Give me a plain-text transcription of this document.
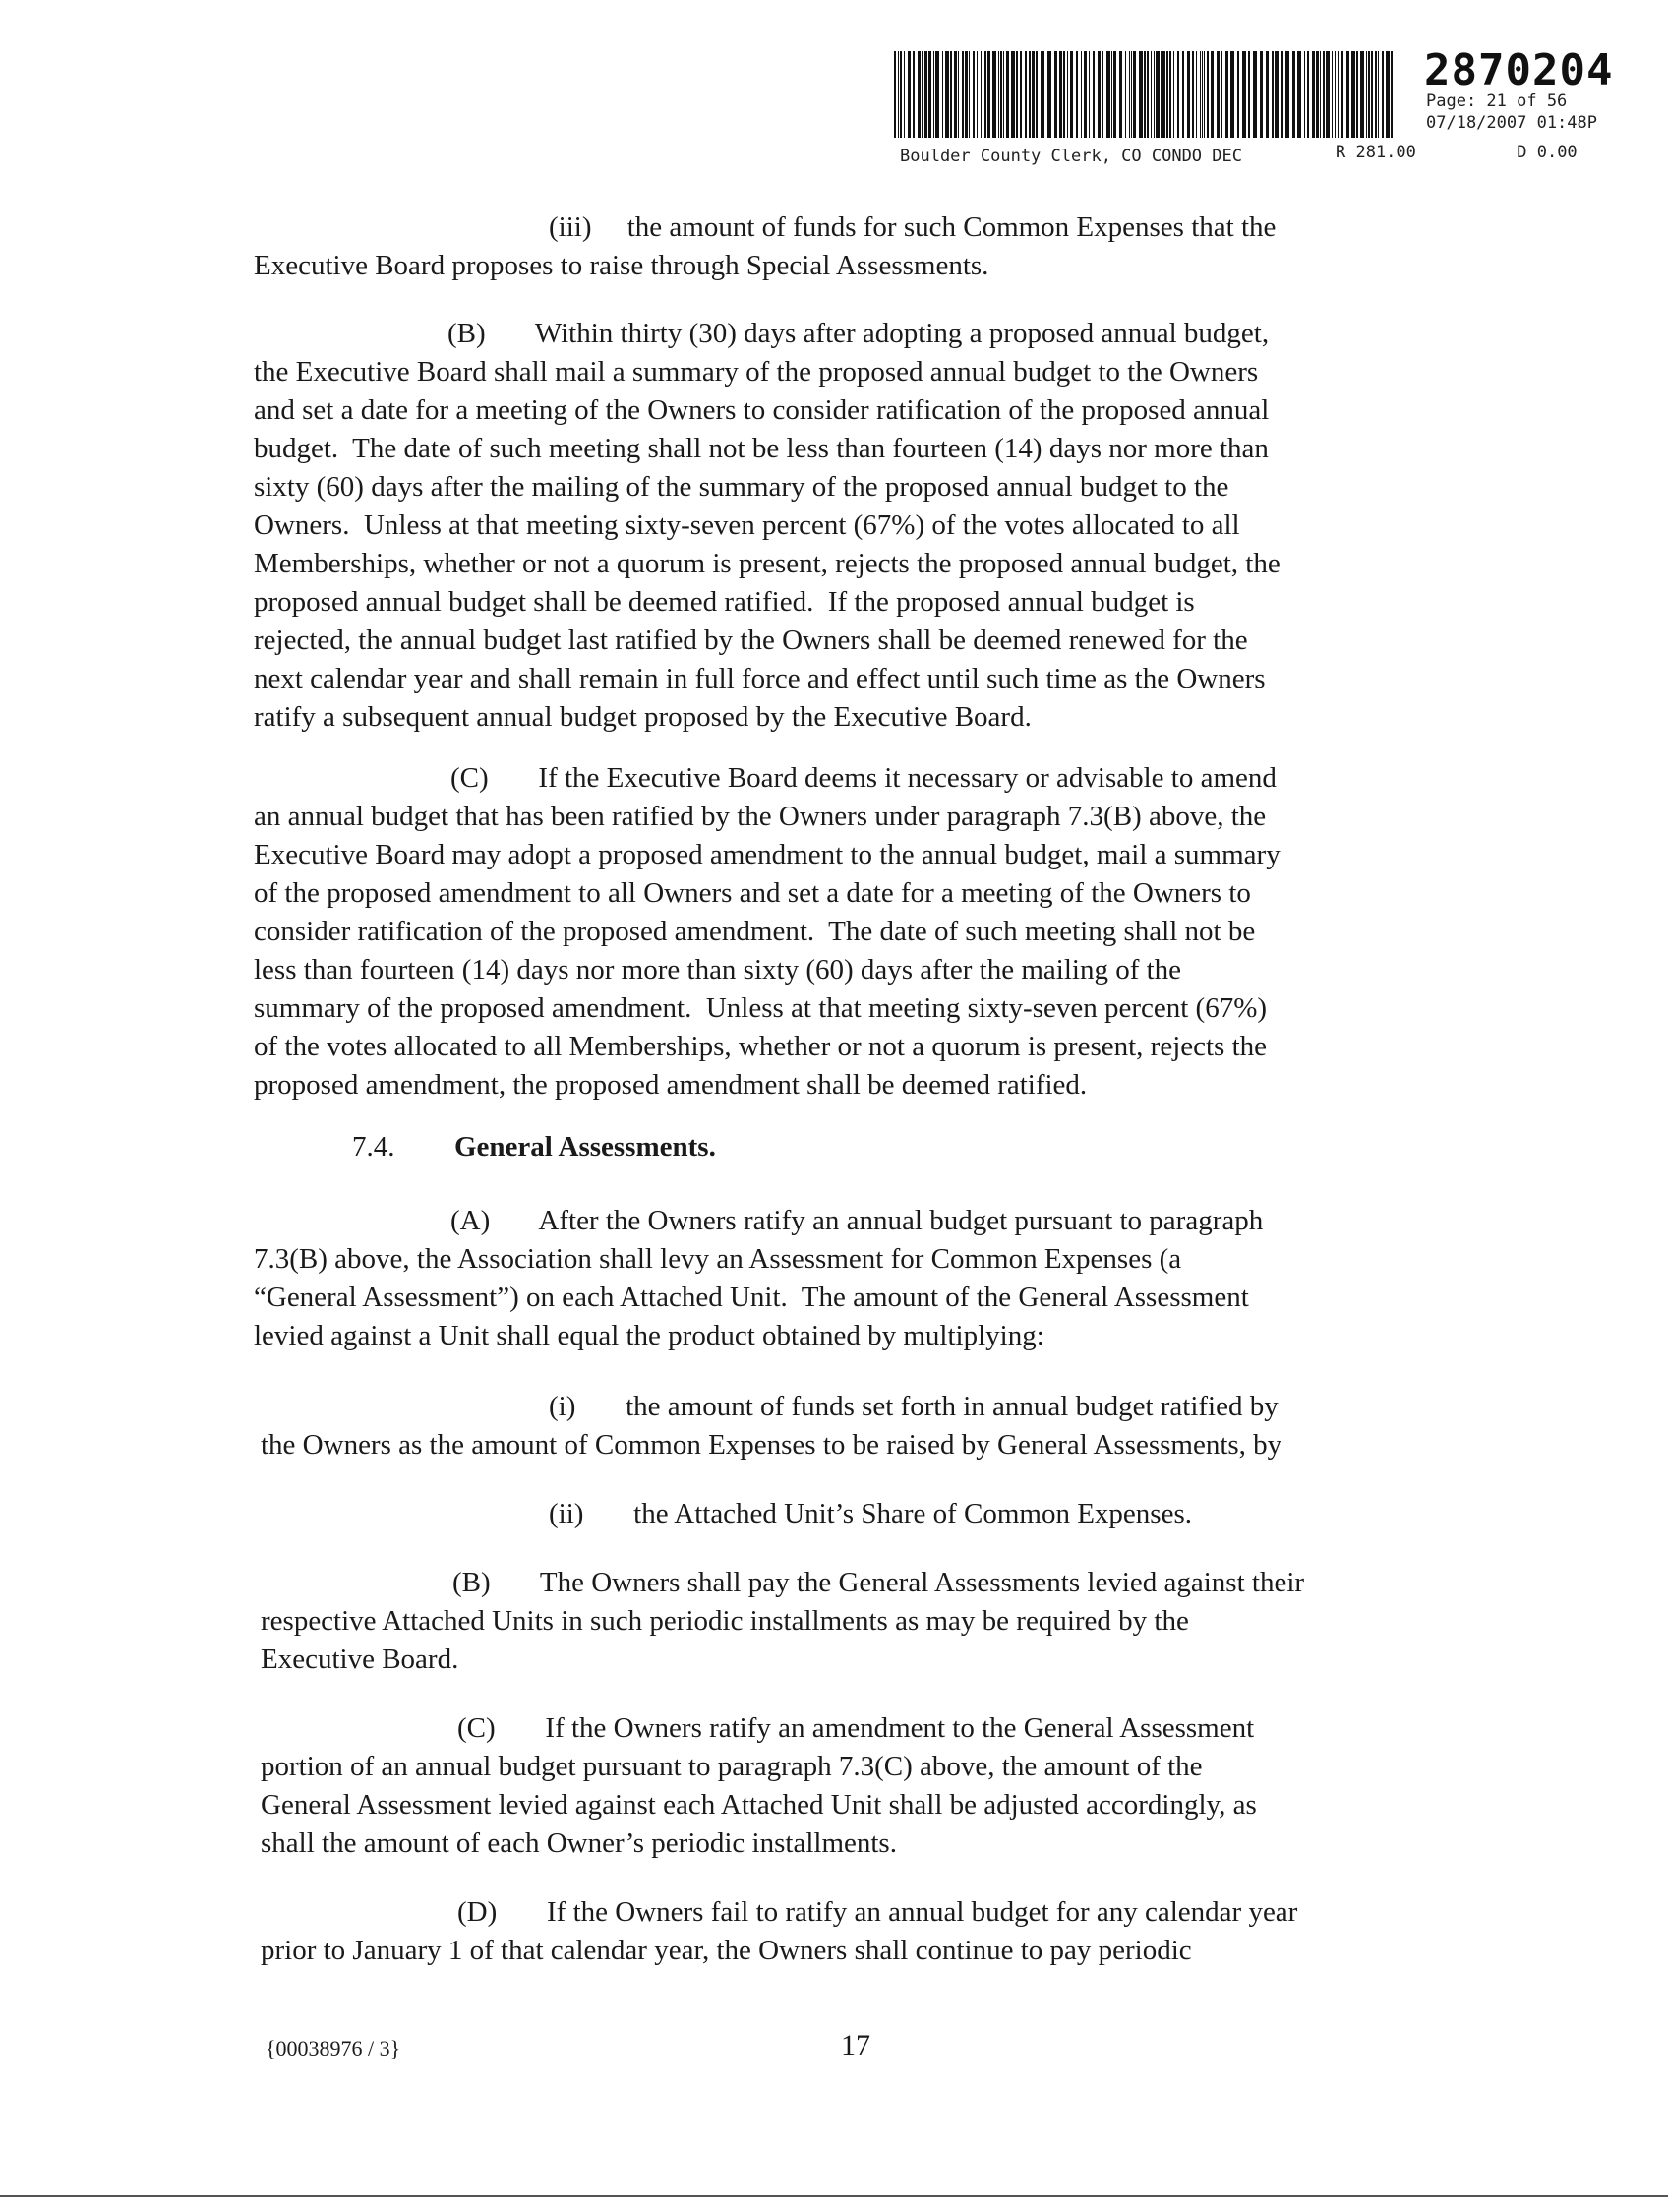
2870204
Page: 21 of 56
07/18/2007 01:48P
Boulder County Clerk, CO CONDO DEC	R 281.00	D 0.00
(iii)     the amount of funds for such Common Expenses that the
Executive Board proposes to raise through Special Assessments.
(B)       Within thirty (30) days after adopting a proposed annual budget,
the Executive Board shall mail a summary of the proposed annual budget to the Owners
and set a date for a meeting of the Owners to consider ratification of the proposed annual
budget.  The date of such meeting shall not be less than fourteen (14) days nor more than
sixty (60) days after the mailing of the summary of the proposed annual budget to the
Owners.  Unless at that meeting sixty-seven percent (67%) of the votes allocated to all
Memberships, whether or not a quorum is present, rejects the proposed annual budget, the
proposed annual budget shall be deemed ratified.  If the proposed annual budget is
rejected, the annual budget last ratified by the Owners shall be deemed renewed for the
next calendar year and shall remain in full force and effect until such time as the Owners
ratify a subsequent annual budget proposed by the Executive Board.
(C)       If the Executive Board deems it necessary or advisable to amend
an annual budget that has been ratified by the Owners under paragraph 7.3(B) above, the
Executive Board may adopt a proposed amendment to the annual budget, mail a summary
of the proposed amendment to all Owners and set a date for a meeting of the Owners to
consider ratification of the proposed amendment.  The date of such meeting shall not be
less than fourteen (14) days nor more than sixty (60) days after the mailing of the
summary of the proposed amendment.  Unless at that meeting sixty-seven percent (67%)
of the votes allocated to all Memberships, whether or not a quorum is present, rejects the
proposed amendment, the proposed amendment shall be deemed ratified.
7.4. General Assessments.
(A)       After the Owners ratify an annual budget pursuant to paragraph
7.3(B) above, the Association shall levy an Assessment for Common Expenses (a
“General Assessment”) on each Attached Unit.  The amount of the General Assessment
levied against a Unit shall equal the product obtained by multiplying:
(i)       the amount of funds set forth in annual budget ratified by
the Owners as the amount of Common Expenses to be raised by General Assessments, by
(ii)       the Attached Unit’s Share of Common Expenses.
(B)       The Owners shall pay the General Assessments levied against their
respective Attached Units in such periodic installments as may be required by the
Executive Board.
(C)       If the Owners ratify an amendment to the General Assessment
portion of an annual budget pursuant to paragraph 7.3(C) above, the amount of the
General Assessment levied against each Attached Unit shall be adjusted accordingly, as
shall the amount of each Owner’s periodic installments.
(D)       If the Owners fail to ratify an annual budget for any calendar year
prior to January 1 of that calendar year, the Owners shall continue to pay periodic
{00038976 / 3}	17
